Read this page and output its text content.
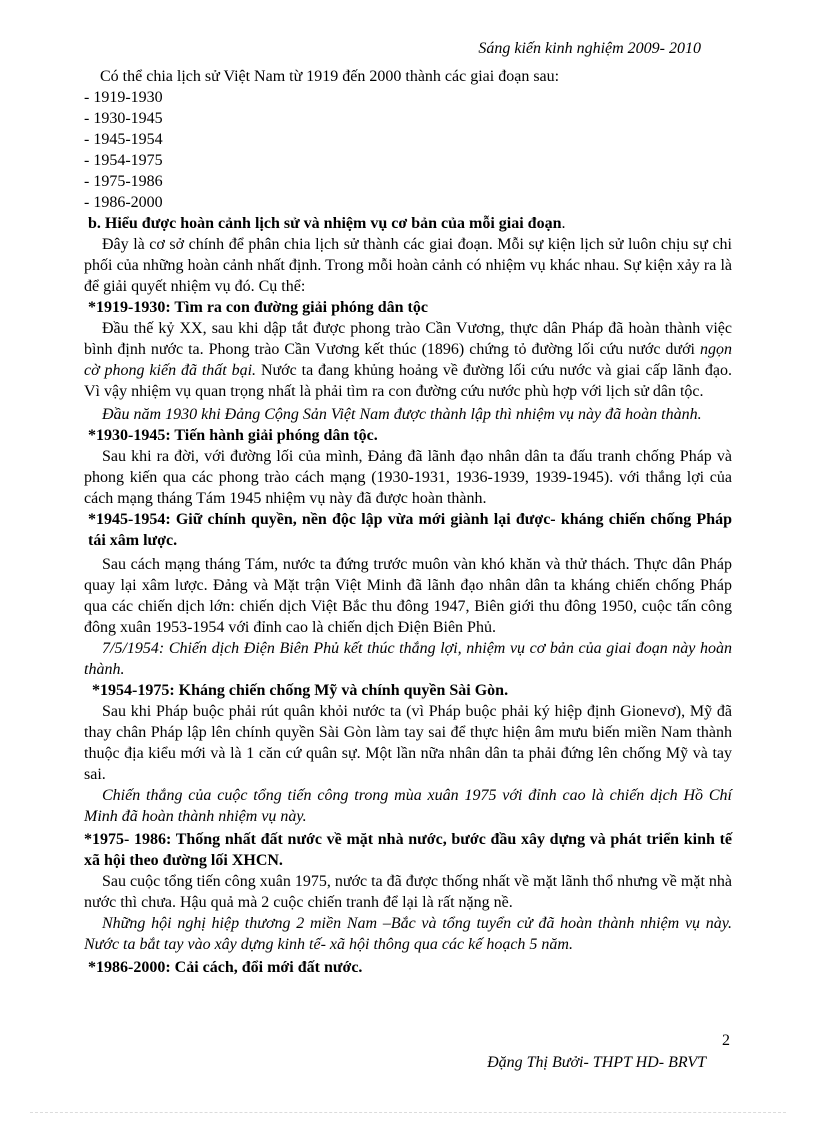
Sáng kiến kinh nghiệm 2009- 2010

Có thể chia lịch sử Việt Nam từ 1919 đến 2000 thành các giai đoạn sau:

- 1919-1930

- 1930-1945

- 1945-1954

- 1954-1975

- 1975-1986

- 1986-2000

b. Hiểu được hoàn cảnh lịch sử và nhiệm vụ cơ bản của mỗi giai đoạn.

Đây là cơ sở chính để phân chia lịch sử thành các giai đoạn. Mỗi sự kiện lịch sử luôn chịu sự chi phối của những hoàn cảnh nhất định. Trong mỗi hoàn cảnh có nhiệm vụ khác nhau. Sự kiện xảy ra là để giải quyết nhiệm vụ đó. Cụ thể:

*1919-1930: Tìm ra con đường giải phóng dân tộc

Đầu thế kỷ XX, sau khi dập tắt được phong trào Cần Vương, thực dân Pháp đã hoàn thành việc bình định nước ta. Phong trào Cần Vương kết thúc (1896) chứng tỏ đường lối cứu nước dưới ngọn cờ phong kiến đã thất bại. Nước ta đang khủng hoảng về đường lối cứu nước và giai cấp lãnh đạo. Vì vậy nhiệm vụ quan trọng nhất là phải tìm ra con đường cứu nước phù hợp với lịch sử dân tộc.

Đầu năm 1930 khi Đảng Cộng Sản Việt Nam được thành lập thì nhiệm vụ này đã hoàn thành.

*1930-1945: Tiến hành giải phóng dân tộc.

Sau khi ra đời, với đường lối của mình, Đảng đã lãnh đạo nhân dân ta đấu tranh chống Pháp và phong kiến qua các phong trào cách mạng (1930-1931, 1936-1939, 1939-1945). với thắng lợi của cách mạng tháng Tám 1945 nhiệm vụ này đã được hoàn thành.

*1945-1954: Giữ chính quyền, nền độc lập vừa mới giành lại được- kháng chiến chống Pháp tái xâm lược.

Sau cách mạng tháng Tám, nước ta đứng trước muôn vàn khó khăn và thử thách. Thực dân Pháp quay lại xâm lược. Đảng và Mặt trận Việt Minh đã lãnh đạo nhân dân ta kháng chiến chống Pháp qua các chiến dịch lớn: chiến dịch Việt Bắc thu đông 1947, Biên giới thu đông 1950, cuộc tấn công đông xuân 1953-1954 với đỉnh cao là chiến dịch Điện Biên Phủ.

7/5/1954: Chiến dịch Điện Biên Phủ kết thúc thắng lợi, nhiệm vụ cơ bản của giai đoạn này hoàn thành.

*1954-1975: Kháng chiến chống Mỹ và chính quyền Sài Gòn.

Sau khi Pháp buộc phải rút quân khỏi nước ta (vì Pháp buộc phải ký hiệp định Gionevơ), Mỹ đã thay chân Pháp lập lên chính quyền Sài Gòn làm tay sai để thực hiện âm mưu biến miền Nam thành thuộc địa kiểu mới và là 1 căn cứ quân sự. Một lần nữa nhân dân ta phải đứng lên chống Mỹ và tay sai.

Chiến thắng của cuộc tổng tiến công trong mùa xuân 1975 với đỉnh cao là chiến dịch Hồ Chí Minh đã hoàn thành nhiệm vụ này.

*1975- 1986: Thống nhất đất nước về mặt nhà nước, bước đầu xây dựng và phát triển kinh tế xã hội theo đường lối XHCN.

Sau cuộc tổng tiến công xuân 1975, nước ta đã được thống nhất về mặt lãnh thổ nhưng về mặt nhà nước thì chưa. Hậu quả mà 2 cuộc chiến tranh để lại là rất nặng nề.

Những hội nghị hiệp thương 2 miền Nam –Bắc và tổng tuyển cử đã hoàn thành nhiệm vụ này. Nước ta bắt tay vào xây dựng kinh tế- xã hội thông qua các kế hoạch 5 năm.

*1986-2000: Cải cách, đổi mới đất nước.

2
Đặng Thị Bưởi- THPT HD- BRVT
